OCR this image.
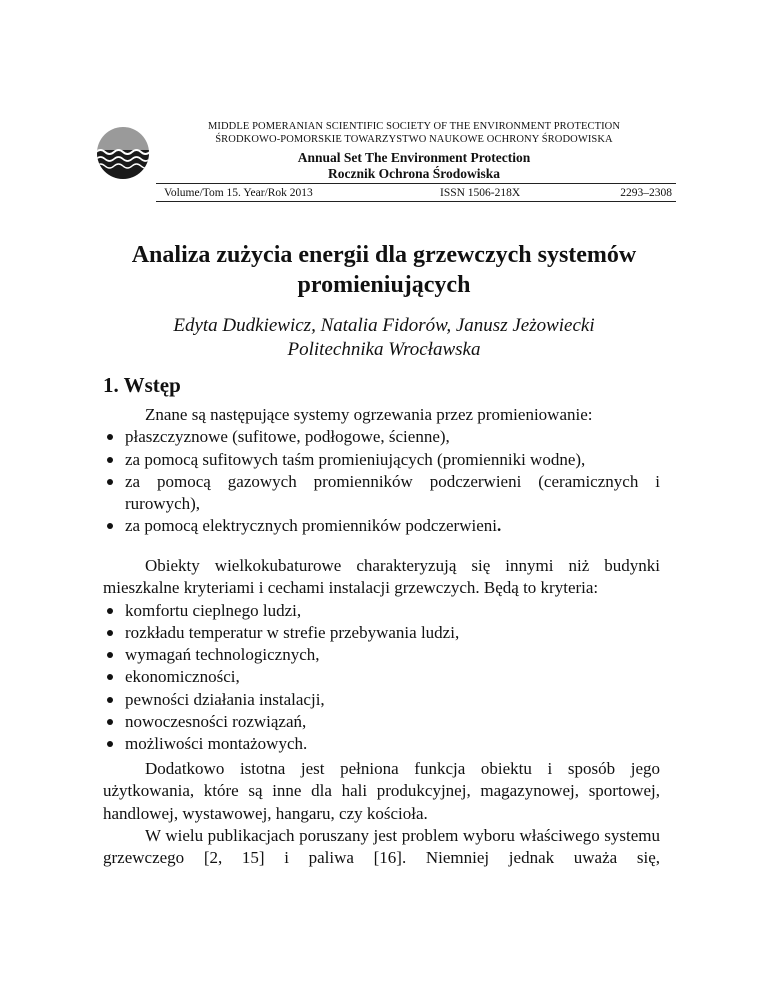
MIDDLE POMERANIAN SCIENTIFIC SOCIETY OF THE ENVIRONMENT PROTECTION
ŚRODKOWO-POMORSKIE TOWARZYSTWO NAUKOWE OCHRONY ŚRODOWISKA
Annual Set The Environment Protection
Rocznik Ochrona Środowiska
Volume/Tom 15. Year/Rok 2013	ISSN 1506-218X	2293–2308
Analiza zużycia energii dla grzewczych systemów
promieniujących
Edyta Dudkiewicz, Natalia Fidorów, Janusz Jeżowiecki
Politechnika Wrocławska
1. Wstęp

Znane są następujące systemy ogrzewania przez promieniowanie:

płaszczyznowe (sufitowe, podłogowe, ścienne),
za pomocą sufitowych taśm promieniujących (promienniki wodne),
za pomocą gazowych promienników podczerwieni (ceramicznych i rurowych),
za pomocą elektrycznych promienników podczerwieni.

Obiekty wielkokubaturowe charakteryzują się innymi niż budynki mieszkalne kryteriami i cechami instalacji grzewczych. Będą to kryteria:

komfortu cieplnego ludzi,
rozkładu temperatur w strefie przebywania ludzi,
wymagań technologicznych,
ekonomiczności,
pewności działania instalacji,
nowoczesności rozwiązań,
możliwości montażowych.

Dodatkowo istotna jest pełniona funkcja obiektu i sposób jego użytkowania, które są inne dla hali produkcyjnej, magazynowej, sportowej, handlowej, wystawowej, hangaru, czy kościoła.

W wielu publikacjach poruszany jest problem wyboru właściwego systemu grzewczego [2, 15] i paliwa [16]. Niemniej jednak uważa się,
